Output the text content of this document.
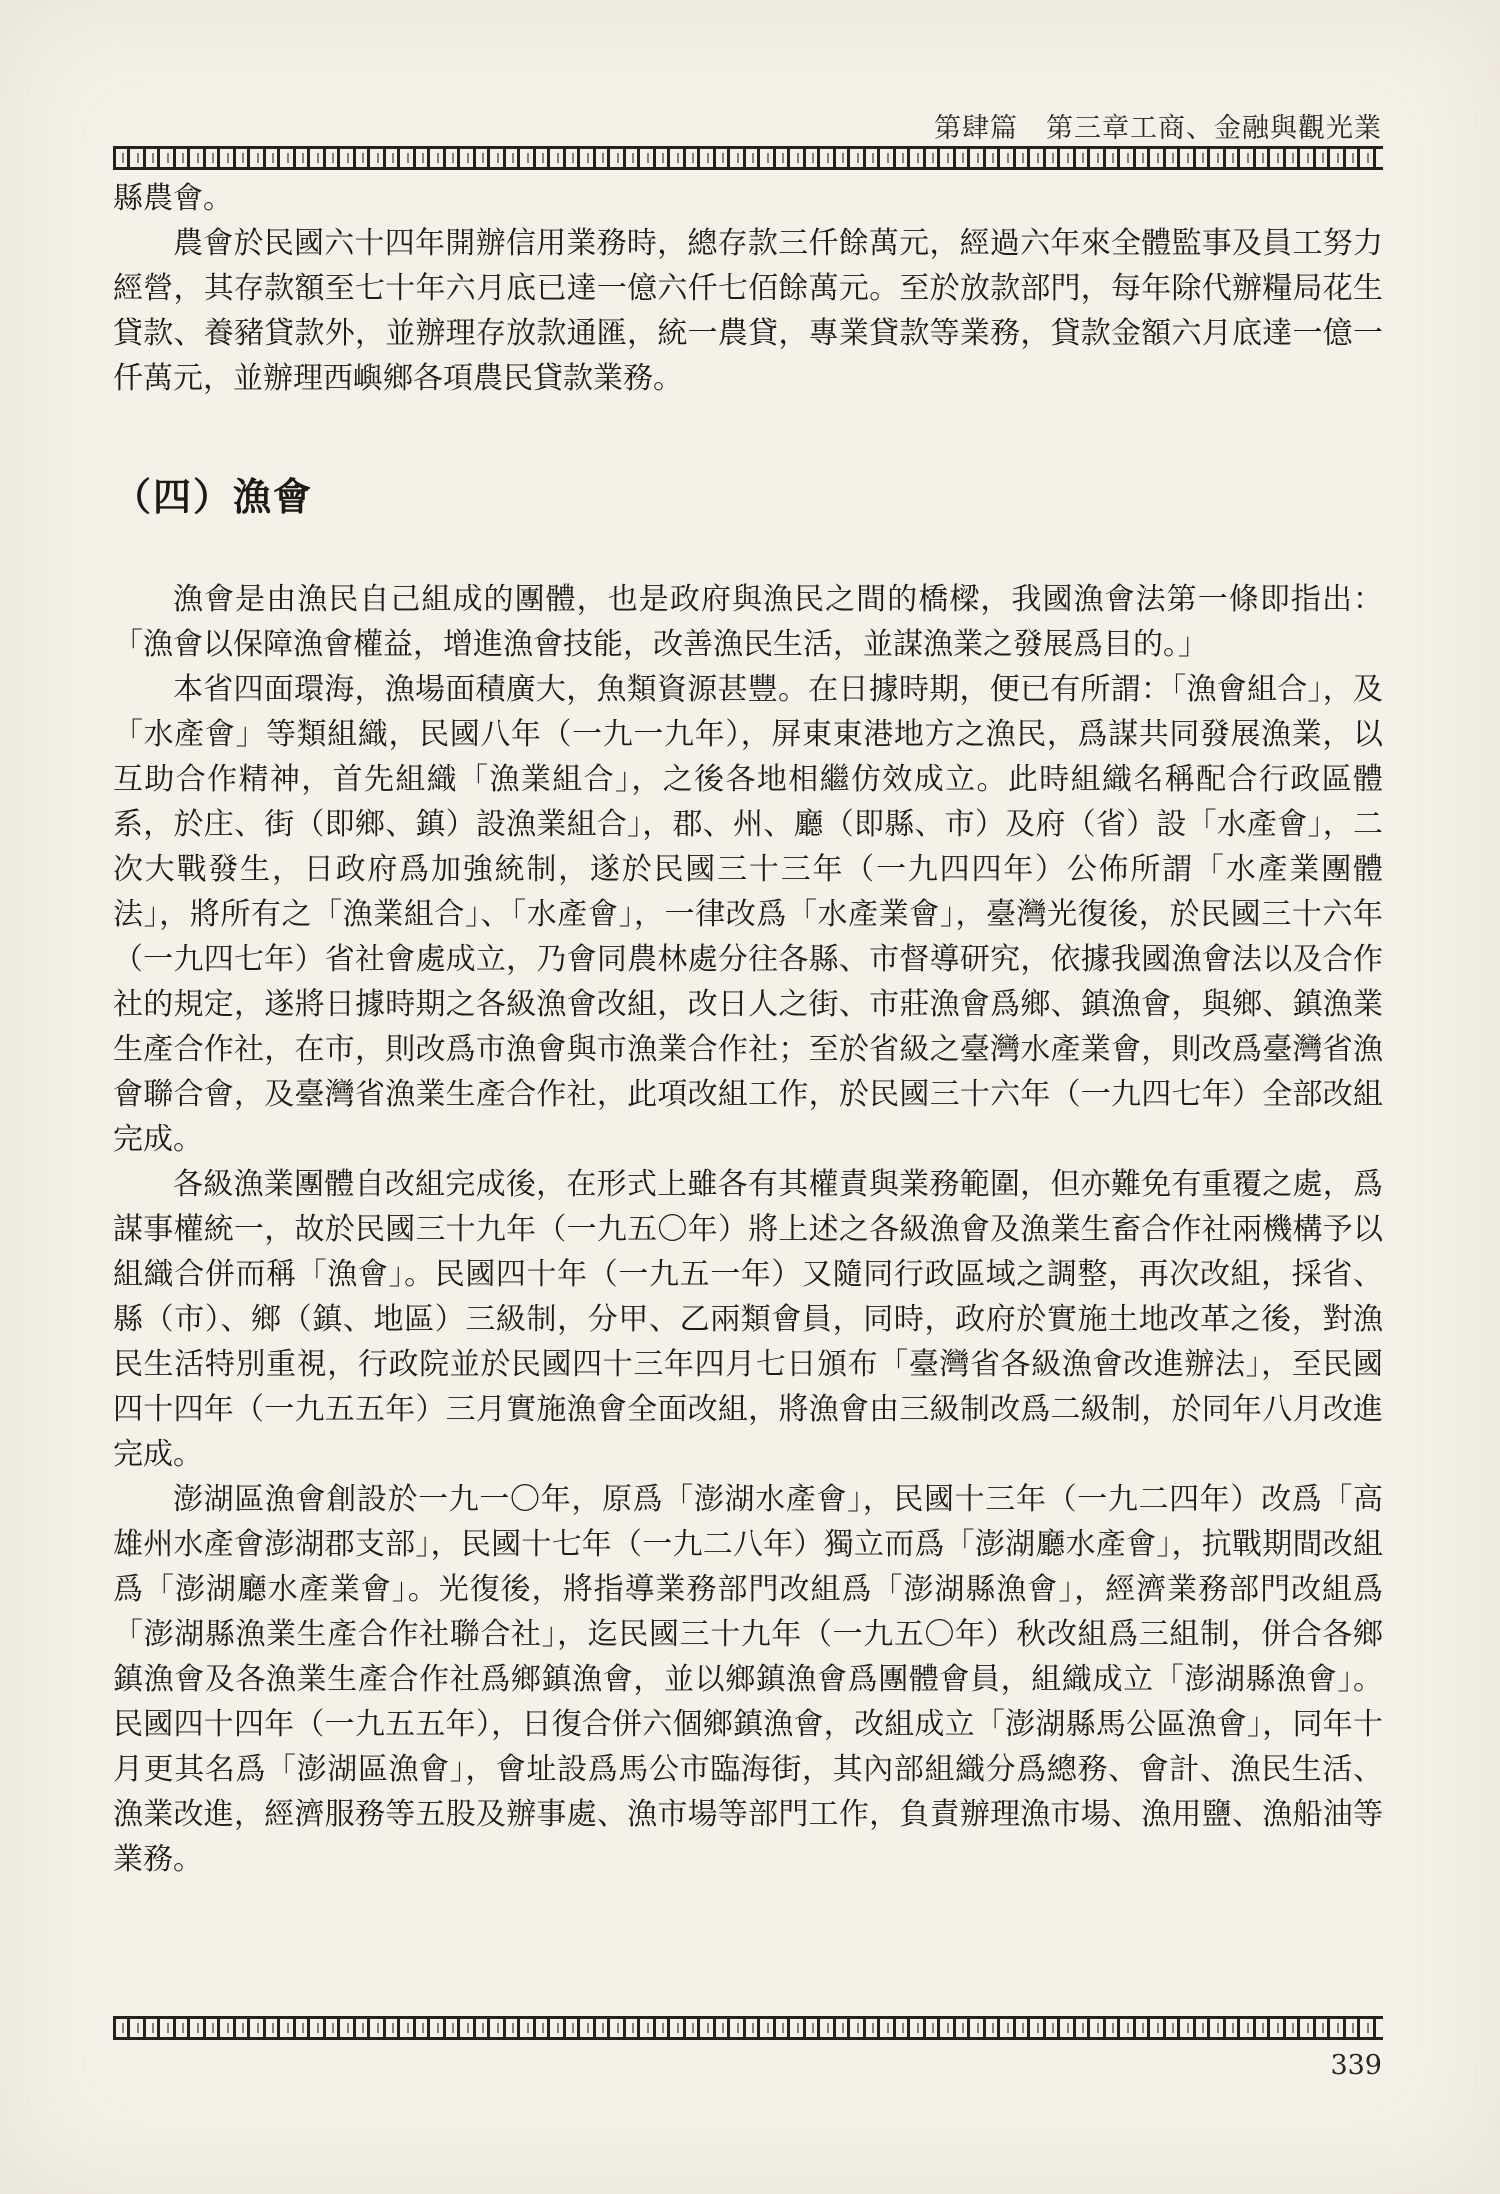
第肆篇　第三章工商、金融與觀光業

縣農會。

農會於民國六十四年開辦信用業務時，總存款三仟餘萬元，經過六年來全體監事及員工努力經營，其存款額至七十年六月底已達一億六仟七佰餘萬元。至於放款部門，每年除代辦糧局花生貸款、養豬貸款外，並辦理存放款通匯，統一農貸，專業貸款等業務，貸款金額六月底達一億一仟萬元，並辦理西嶼鄉各項農民貸款業務。

（四）漁會

漁會是由漁民自己組成的團體，也是政府與漁民之間的橋樑，我國漁會法第一條即指出：「漁會以保障漁會權益，增進漁會技能，改善漁民生活，並謀漁業之發展爲目的。」

本省四面環海，漁場面積廣大，魚類資源甚豐。在日據時期，便已有所謂：「漁會組合」，及「水產會」等類組織，民國八年（一九一九年），屏東東港地方之漁民，爲謀共同發展漁業，以互助合作精神，首先組織「漁業組合」，之後各地相繼仿效成立。此時組織名稱配合行政區體系，於庄、街（即鄉、鎮）設漁業組合」，郡、州、廳（即縣、市）及府（省）設「水產會」，二次大戰發生，日政府爲加強統制，遂於民國三十三年（一九四四年）公佈所謂「水產業團體法」，將所有之「漁業組合」、「水產會」，一律改爲「水產業會」，臺灣光復後，於民國三十六年（一九四七年）省社會處成立，乃會同農林處分往各縣、市督導研究，依據我國漁會法以及合作社的規定，遂將日據時期之各級漁會改組，改日人之街、市莊漁會爲鄉、鎮漁會，與鄉、鎮漁業生產合作社，在市，則改爲市漁會與市漁業合作社；至於省級之臺灣水產業會，則改爲臺灣省漁會聯合會，及臺灣省漁業生產合作社，此項改組工作，於民國三十六年（一九四七年）全部改組完成。

各級漁業團體自改組完成後，在形式上雖各有其權責與業務範圍，但亦難免有重覆之處，爲謀事權統一，故於民國三十九年（一九五〇年）將上述之各級漁會及漁業生畜合作社兩機構予以組織合併而稱「漁會」。民國四十年（一九五一年）又隨同行政區域之調整，再次改組，採省、縣（市）、鄉（鎮、地區）三級制，分甲、乙兩類會員，同時，政府於實施土地改革之後，對漁民生活特別重視，行政院並於民國四十三年四月七日頒布「臺灣省各級漁會改進辦法」，至民國四十四年（一九五五年）三月實施漁會全面改組，將漁會由三級制改爲二級制，於同年八月改進完成。

澎湖區漁會創設於一九一〇年，原爲「澎湖水產會」，民國十三年（一九二四年）改爲「高雄州水產會澎湖郡支部」，民國十七年（一九二八年）獨立而爲「澎湖廳水產會」，抗戰期間改組爲「澎湖廳水產業會」。光復後，將指導業務部門改組爲「澎湖縣漁會」，經濟業務部門改組爲「澎湖縣漁業生產合作社聯合社」，迄民國三十九年（一九五〇年）秋改組爲三組制，併合各鄉鎮漁會及各漁業生產合作社爲鄉鎮漁會，並以鄉鎮漁會爲團體會員，組織成立「澎湖縣漁會」。民國四十四年（一九五五年），日復合併六個鄉鎮漁會，改組成立「澎湖縣馬公區漁會」，同年十月更其名爲「澎湖區漁會」，會址設爲馬公市臨海街，其內部組織分爲總務、會計、漁民生活、漁業改進，經濟服務等五股及辦事處、漁市場等部門工作，負責辦理漁市場、漁用鹽、漁船油等業務。

339
